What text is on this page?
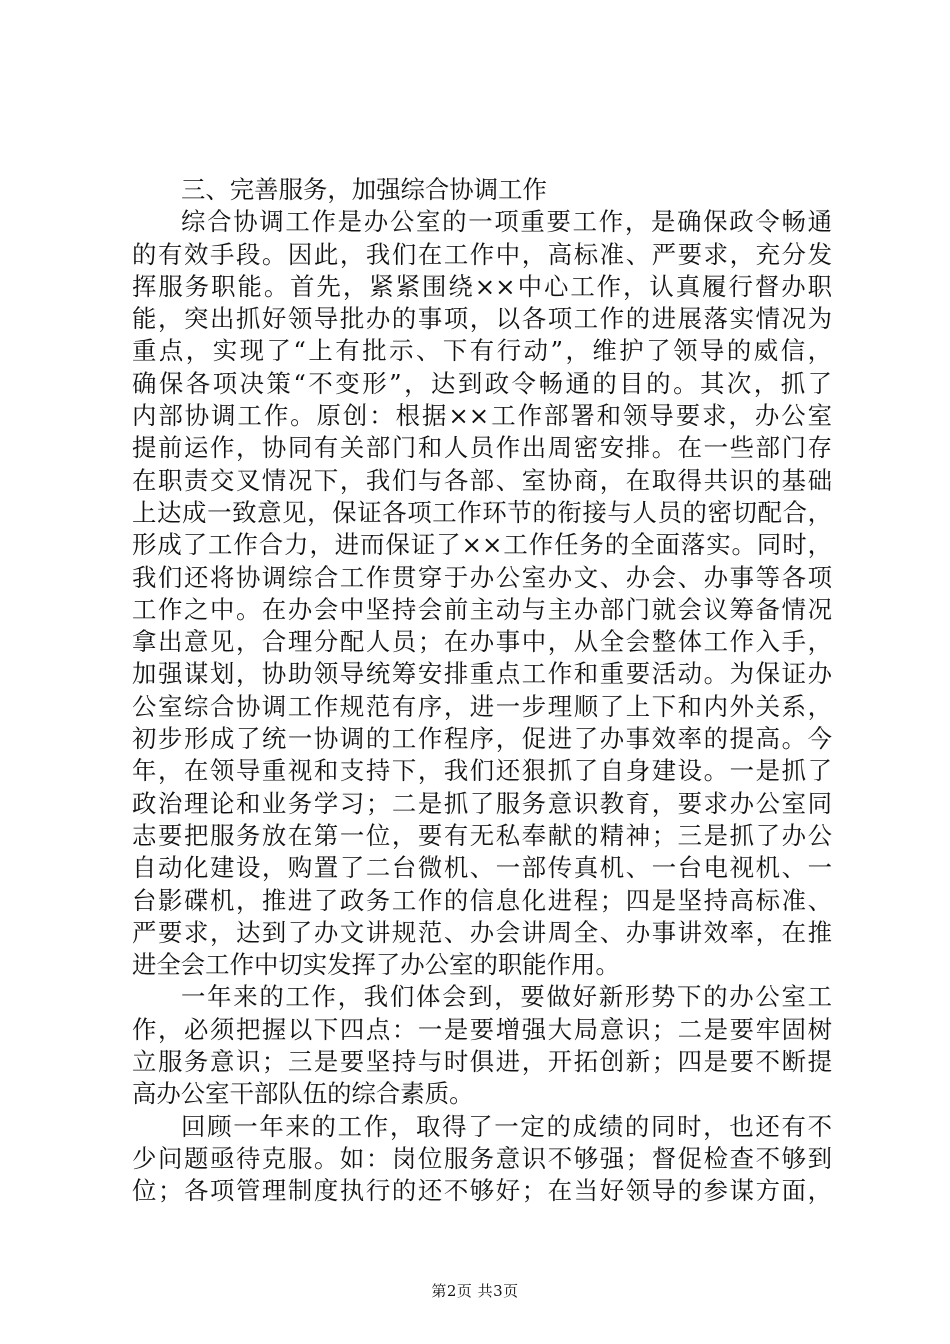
三、完善服务，加强综合协调工作
综合协调工作是办公室的一项重要工作，是确保政令畅通
的有效手段。因此，我们在工作中，高标准、严要求，充分发
挥服务职能。首先，紧紧围绕××中心工作，认真履行督办职
能，突出抓好领导批办的事项，以各项工作的进展落实情况为
重点，实现了“上有批示、下有行动”，维护了领导的威信，
确保各项决策“不变形”，达到政令畅通的目的。其次，抓了
内部协调工作。原创：根据××工作部署和领导要求，办公室
提前运作，协同有关部门和人员作出周密安排。在一些部门存
在职责交叉情况下，我们与各部、室协商，在取得共识的基础
上达成一致意见，保证各项工作环节的衔接与人员的密切配合，
形成了工作合力，进而保证了××工作任务的全面落实。同时，
我们还将协调综合工作贯穿于办公室办文、办会、办事等各项
工作之中。在办会中坚持会前主动与主办部门就会议筹备情况
拿出意见，合理分配人员；在办事中，从全会整体工作入手，
加强谋划，协助领导统筹安排重点工作和重要活动。为保证办
公室综合协调工作规范有序，进一步理顺了上下和内外关系，
初步形成了统一协调的工作程序，促进了办事效率的提高。今
年，在领导重视和支持下，我们还狠抓了自身建设。一是抓了
政治理论和业务学习；二是抓了服务意识教育，要求办公室同
志要把服务放在第一位，要有无私奉献的精神；三是抓了办公
自动化建设，购置了二台微机、一部传真机、一台电视机、一
台影碟机，推进了政务工作的信息化进程；四是坚持高标准、
严要求，达到了办文讲规范、办会讲周全、办事讲效率，在推
进全会工作中切实发挥了办公室的职能作用。
一年来的工作，我们体会到，要做好新形势下的办公室工
作，必须把握以下四点：一是要增强大局意识；二是要牢固树
立服务意识；三是要坚持与时俱进，开拓创新；四是要不断提
高办公室干部队伍的综合素质。
回顾一年来的工作，取得了一定的成绩的同时，也还有不
少问题亟待克服。如：岗位服务意识不够强；督促检查不够到
位；各项管理制度执行的还不够好；在当好领导的参谋方面，
第2页 共3页
